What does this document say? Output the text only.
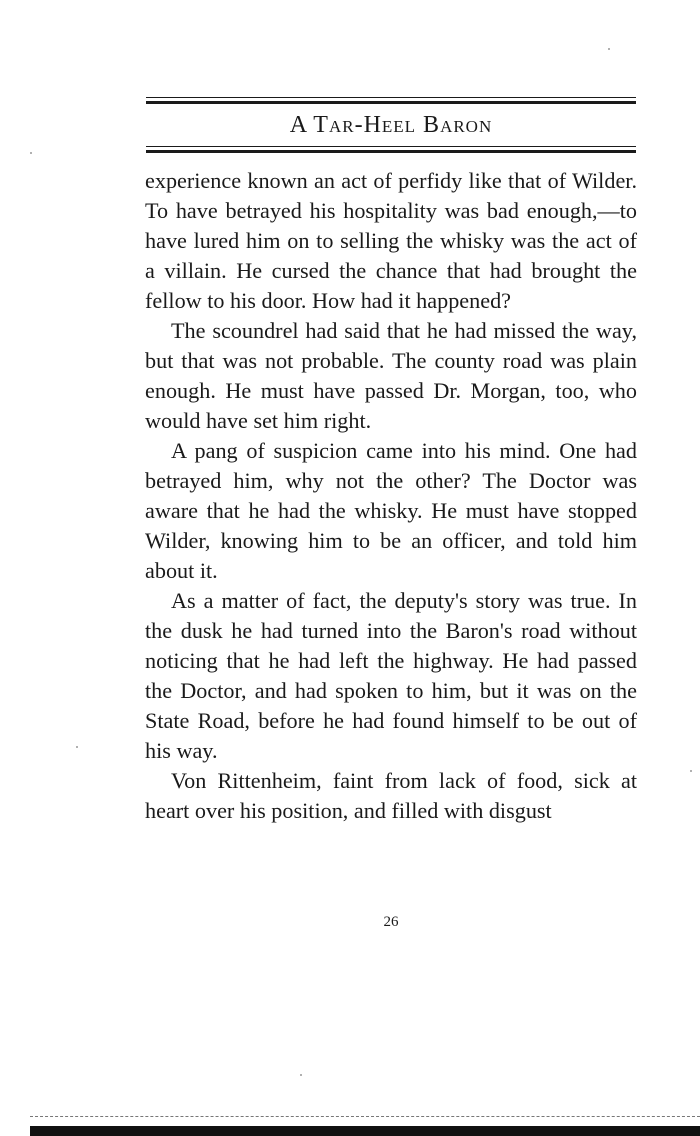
A Tar-Heel Baron

experience known an act of perfidy like that of Wilder. To have betrayed his hospitality was bad enough,—to have lured him on to selling the whisky was the act of a villain. He cursed the chance that had brought the fellow to his door. How had it happened?

The scoundrel had said that he had missed the way, but that was not probable. The county road was plain enough. He must have passed Dr. Morgan, too, who would have set him right.

A pang of suspicion came into his mind. One had betrayed him, why not the other? The Doctor was aware that he had the whisky. He must have stopped Wilder, knowing him to be an officer, and told him about it.

As a matter of fact, the deputy's story was true. In the dusk he had turned into the Baron's road without noticing that he had left the highway. He had passed the Doctor, and had spoken to him, but it was on the State Road, before he had found himself to be out of his way.

Von Rittenheim, faint from lack of food, sick at heart over his position, and filled with disgust

26
